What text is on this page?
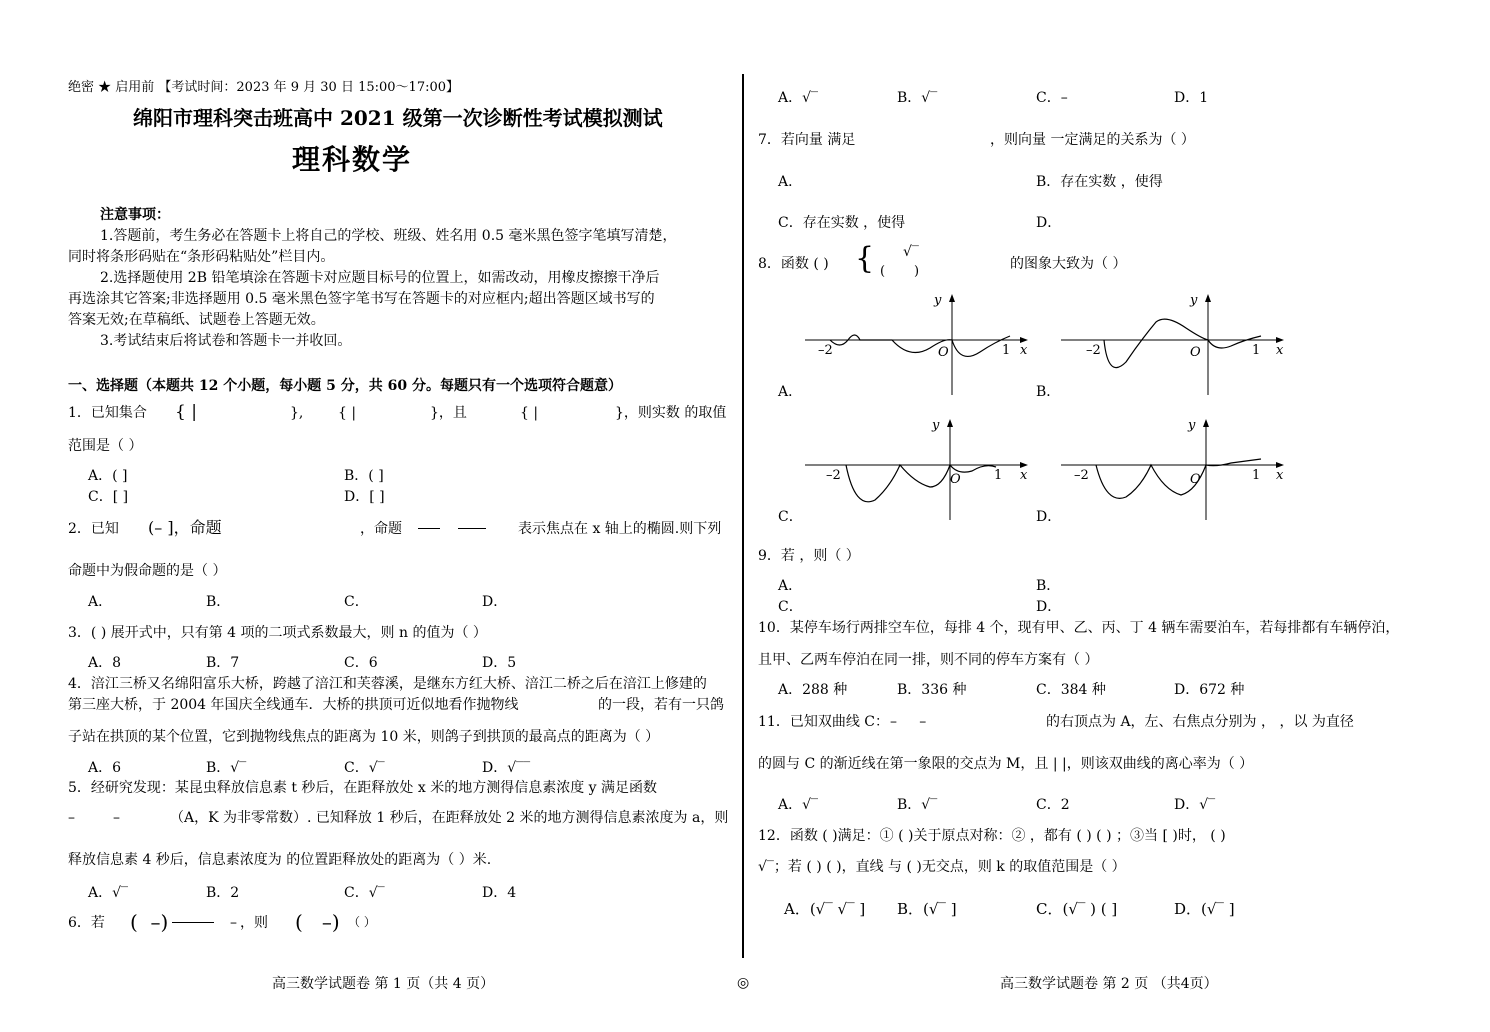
绝密 ★ 启用前 【考试时间：2023 年 9 月 30 日 15:00～17:00】
绵阳市理科突击班高中 2021 级第一次诊断性考试模拟测试
理科数学
注意事项：
1.答题前，考生务必在答题卡上将自己的学校、班级、姓名用 0.5 毫米黑色签字笔填写清楚，
同时将条形码贴在“条形码粘贴处”栏目内。
2.选择题使用 2B 铅笔填涂在答题卡对应题目标号的位置上，如需改动，用橡皮擦擦干净后
再选涂其它答案;非选择题用 0.5 毫米黑色签字笔书写在答题卡的对应框内;超出答题区域书写的
答案无效;在草稿纸、试题卷上答题无效。
3.考试结束后将试卷和答题卡一并收回。
一、选择题（本题共 12 个小题，每小题 5 分，共 60 分。每题只有一个选项符合题意）
1．已知集合 { |	}, { |	}，且	{ |	}，则实数 的取值
范围是（ ）
A．( ]	B．( ]
C．[ ]	D．[ ]
2．已知 (– ]，命题	，命题	表示焦点在 x 轴上的椭圆.则下列
命题中为假命题的是（ ）
A．	B．	C．	D．
3．( ) 展开式中，只有第 4 项的二项式系数最大，则 n 的值为（ ）
A．8	B．7	C．6	D．5
4．涪江三桥又名绵阳富乐大桥，跨越了涪江和芙蓉溪，是继东方红大桥、涪江二桥之后在涪江上修建的
第三座大桥，于 2004 年国庆全线通车．大桥的拱顶可近似地看作抛物线	的一段，若有一只鸽
子站在拱顶的某个位置，它到抛物线焦点的距离为 10 米，则鸽子到拱顶的最高点的距离为（ ）
A．6	B．√‾	C．√‾	D．√‾‾
5．经研究发现：某昆虫释放信息素 t 秒后，在距释放处 x 米的地方测得信息素浓度 y 满足函数
–	–	（A，K 为非零常数）. 已知释放 1 秒后，在距释放处 2 米的地方测得信息素浓度为 a，则
释放信息素 4 秒后，信息素浓度为 的位置距释放处的距离为（ ）米.
A．√‾	B．2	C．√‾	D．4
6．若 (  –)	– ，则 (   –) （ ）
高三数学试题卷 第 1 页（共 4 页）	◎
A．√‾	B．√‾	C．–	D．1
7．若向量 满足	，则向量 一定满足的关系为（ ）
A．	B．存在实数 ，使得
C．存在实数 ，使得	D．
8．函数 ( ) { √‾
(       )	的图象大致为（ ）
A．	B．
C．	D．
y
x
O
–2	1
y
x
O
–2	1
y
x
O
–2	1
y
x
O
–2	1
9．若 ，则（ ）
A．	B．
C．	D．
10．某停车场行两排空车位，每排 4 个，现有甲、乙、丙、丁 4 辆车需要泊车，若每排都有车辆停泊，
且甲、乙两车停泊在同一排，则不同的停车方案有（ ）
A．288 种	B．336 种	C．384 种	D．672 种
11．已知双曲线 C： –     –	的右顶点为 A，左、右焦点分别为 ， ，以 为直径
的圆与 C 的渐近线在第一象限的交点为 M，且 | |，则该双曲线的离心率为（ ）
A．√‾	B．√‾	C．2	D．√‾
12．函数 ( )满足：① ( )关于原点对称：② ，都有 ( ) ( ) ；③当 [ )时， ( )
√‾；若 ( ) ( )，直线 与 ( )无交点，则 k 的取值范围是（ ）
A．(√‾ √‾ ] B．(√‾ ]	C．(√‾ ) ( ]	D．(√‾ ]
高三数学试题卷 第 2 页 （共4页）
